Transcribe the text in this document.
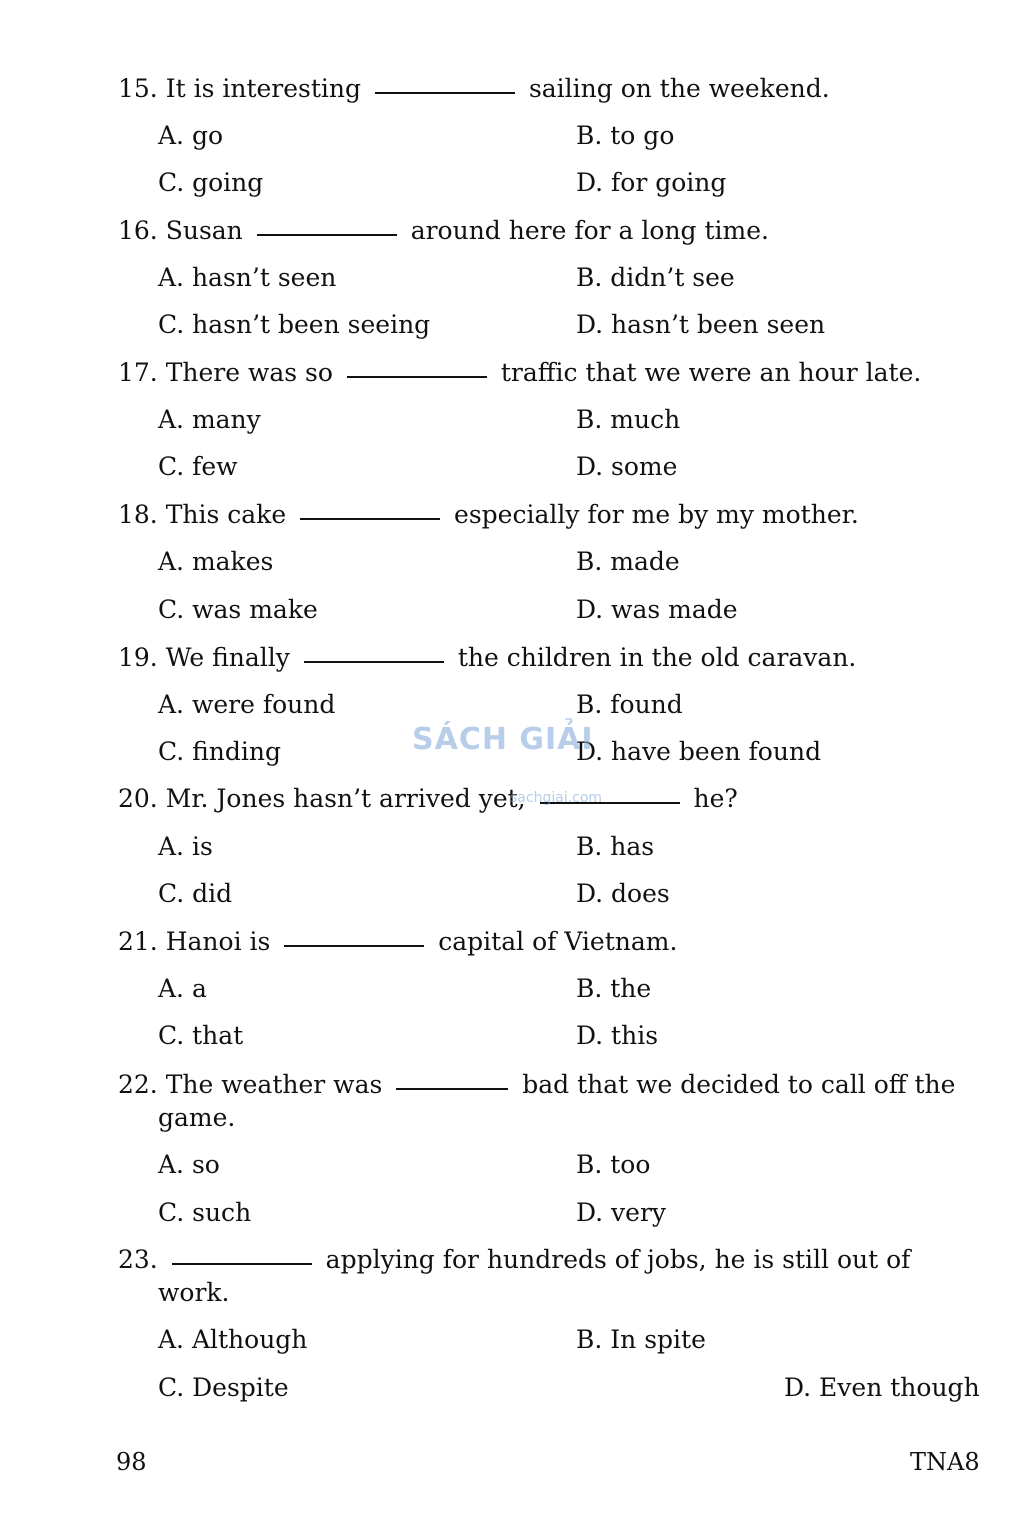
15. It is interesting	sailing on the weekend.
A. go	B. to go
C. going	D. for going
16. Susan	around here for a long time.
A. hasn’t seen	B. didn’t see
C. hasn’t been seeing	D. hasn’t been seen
17. There was so	traffic that we were an hour late.
A. many	B. much
C. few	D. some
18. This cake	especially for me by my mother.
A. makes	B. made
C. was make	D. was made
19. We finally	the children in the old caravan.
A. were found	B. found
C. finding	D. have been found
20. Mr. Jones hasn’t arrived yet,	he?
A. is	B. has
C. did	D. does
21. Hanoi is	capital of Vietnam.
A. a	B. the
C. that	D. this
22. The weather was	bad that we decided to call off the
game.
A. so	B. too
C. such	D. very
23.	applying for hundreds of jobs, he is still out of
work.
A. Although	B. In spite
C. Despite	D. Even though
SÁCH GIẢI
sachgiai.com
98	TNA8
